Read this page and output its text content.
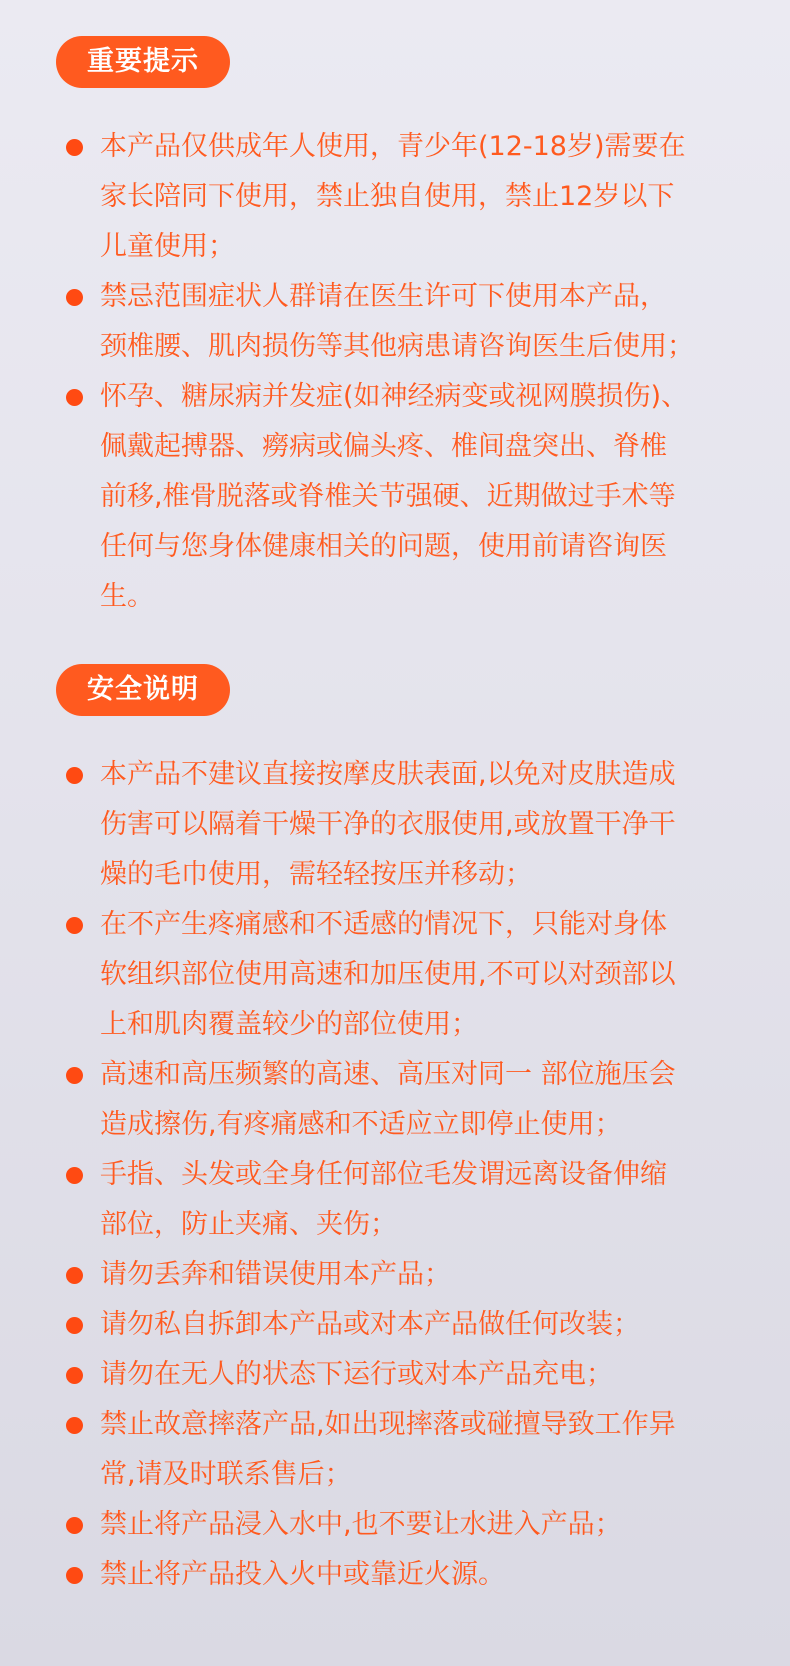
重要提示
本产品仅供成年人使用，青少年(12-18岁)需要在
家长陪同下使用，禁止独自使用，禁止12岁以下
儿童使用；
禁忌范围症状人群请在医生许可下使用本产品，
颈椎腰、肌肉损伤等其他病患请咨询医生后使用；
怀孕、糖尿病并发症(如神经病变或视网膜损伤)、
佩戴起搏器、癆病或偏头疼、椎间盘突出、脊椎
前移,椎骨脱落或脊椎关节强硬、近期做过手术等
任何与您身体健康相关的问题，使用前请咨询医
生。
安全说明
本产品不建议直接按摩皮肤表面,以免对皮肤造成
伤害可以隔着干燥干净的衣服使用,或放置干净干
燥的毛巾使用，需轻轻按压并移动；
在不产生疼痛感和不适感的情况下，只能对身体
软组织部位使用高速和加压使用,不可以对颈部以
上和肌肉覆盖较少的部位使用；
高速和高压频繁的高速、高压对同一 部位施压会
造成擦伤,有疼痛感和不适应立即停止使用；
手指、头发或全身任何部位毛发谓远离设备伸缩
部位，防止夹痛、夹伤；
请勿丢奔和错误使用本产品；
请勿私自拆卸本产品或对本产品做任何改装；
请勿在无人的状态下运行或对本产品充电；
禁止故意摔落产品,如出现摔落或碰擅导致工作异
常,请及时联系售后；
禁止将产品浸入水中,也不要让水进入产品；
禁止将产品投入火中或靠近火源。
